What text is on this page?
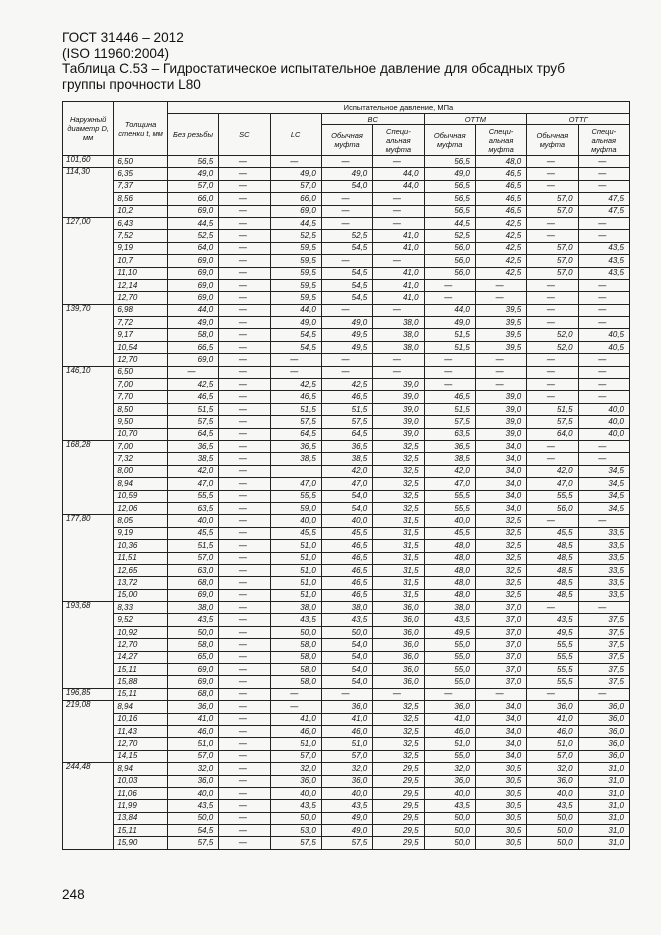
ГОСТ 31446 – 2012
(ISO 11960:2004)
Таблица С.53 – Гидростатическое испытательное давление для обсадных труб
группы прочности L80
Наружный диаметр D, мм	Толщина стенки t, мм	Испытательное давление, МПа								
		Без резьбы	SC	LC	BC		ОТТМ		ОТТГ	
					Обычная муфта	Специ- альная муфта	Обычная муфта	Специ- альная муфта	Обычная муфта	Специ- альная муфта
101,60	6,50	56,5	—	—	—	—	56,5	48,0	—	—
114,30	6,35	49,0	—	49,0	49,0	44,0	49,0	46,5	—	—
	7,37	57,0	—	57,0	54,0	44,0	56,5	46,5	—	—
	8,56	66,0	—	66,0	—	—	56,5	46,5	57,0	47,5
	10,2	69,0	—	69,0	—	—	56,5	46,5	57,0	47,5
127,00	6,43	44,5	—	44,5	—	—	44,5	42,5	—	—
	7,52	52,5	—	52,5	52,5	41,0	52,5	42,5	—	—
	9,19	64,0	—	59,5	54,5	41,0	56,0	42,5	57,0	43,5
	10,7	69,0	—	59,5	—	—	56,0	42,5	57,0	43,5
	11,10	69,0	—	59,5	54,5	41,0	56,0	42,5	57,0	43,5
	12,14	69,0	—	59,5	54,5	41,0	—	—	—	—
	12,70	69,0	—	59,5	54,5	41,0	—	—	—	—
139,70	6,98	44,0	—	44,0	—	—	44,0	39,5	—	—
	7,72	49,0	—	49,0	49,0	38,0	49,0	39,5	—	—
	9,17	58,0	—	54,5	49,5	38,0	51,5	39,5	52,0	40,5
	10,54	66,5	—	54,5	49,5	38,0	51,5	39,5	52,0	40,5
	12,70	69,0	—	—	—	—	—	—	—	—
146,10	6,50	—	—	—	—	—	—	—	—	—
	7,00	42,5	—	42,5	42,5	39,0	—	—	—	—
	7,70	46,5	—	46,5	46,5	39,0	46,5	39,0	—	—
	8,50	51,5	—	51,5	51,5	39,0	51,5	39,0	51,5	40,0
	9,50	57,5	—	57,5	57,5	39,0	57,5	39,0	57,5	40,0
	10,70	64,5	—	64,5	64,5	39,0	63,5	39,0	64,0	40,0
168,28	7,00	36,5	—	36,5	36,5	32,5	36,5	34,0	—	—
	7,32	38,5	—	38,5	38,5	32,5	38,5	34,0	—	—
	8,00	42,0	—		42,0	32,5	42,0	34,0	42,0	34,5
	8,94	47,0	—	47,0	47,0	32,5	47,0	34,0	47,0	34,5
	10,59	55,5	—	55,5	54,0	32,5	55,5	34,0	55,5	34,5
	12,06	63,5	—	59,0	54,0	32,5	55,5	34,0	56,0	34,5
177,80	8,05	40,0	—	40,0	40,0	31,5	40,0	32,5	—	—
	9,19	45,5	—	45,5	45,5	31,5	45,5	32,5	45,5	33,5
	10,36	51,5	—	51,0	46,5	31,5	48,0	32,5	48,5	33,5
	11,51	57,0	—	51,0	46,5	31,5	48,0	32,5	48,5	33,5
	12,65	63,0	—	51,0	46,5	31,5	48,0	32,5	48,5	33,5
	13,72	68,0	—	51,0	46,5	31,5	48,0	32,5	48,5	33,5
	15,00	69,0	—	51,0	46,5	31,5	48,0	32,5	48,5	33,5
193,68	8,33	38,0	—	38,0	38,0	36,0	38,0	37,0	—	—
	9,52	43,5	—	43,5	43,5	36,0	43,5	37,0	43,5	37,5
	10,92	50,0	—	50,0	50,0	36,0	49,5	37,0	49,5	37,5
	12,70	58,0	—	58,0	54,0	36,0	55,0	37,0	55,5	37,5
	14,27	65,0	—	58,0	54,0	36,0	55,0	37,0	55,5	37,5
	15,11	69,0	—	58,0	54,0	36,0	55,0	37,0	55,5	37,5
	15,88	69,0	—	58,0	54,0	36,0	55,0	37,0	55,5	37,5
196,85	15,11	68,0	—	—	—	—	—	—	—	—
219,08	8,94	36,0	—	—	36,0	32,5	36,0	34,0	36,0	36,0
	10,16	41,0	—	41,0	41,0	32,5	41,0	34,0	41,0	36,0
	11,43	46,0	—	46,0	46,0	32,5	46,0	34,0	46,0	36,0
	12,70	51,0	—	51,0	51,0	32,5	51,0	34,0	51,0	36,0
	14,15	57,0	—	57,0	57,0	32,5	55,0	34,0	57,0	36,0
244,48	8,94	32,0	—	32,0	32,0	29,5	32,0	30,5	32,0	31,0
	10,03	36,0	—	36,0	36,0	29,5	36,0	30,5	36,0	31,0
	11,06	40,0	—	40,0	40,0	29,5	40,0	30,5	40,0	31,0
	11,99	43,5	—	43,5	43,5	29,5	43,5	30,5	43,5	31,0
	13,84	50,0	—	50,0	49,0	29,5	50,0	30,5	50,0	31,0
	15,11	54,5	—	53,0	49,0	29,5	50,0	30,5	50,0	31,0
	15,90	57,5	—	57,5	57,5	29,5	50,0	30,5	50,0	31,0
248
